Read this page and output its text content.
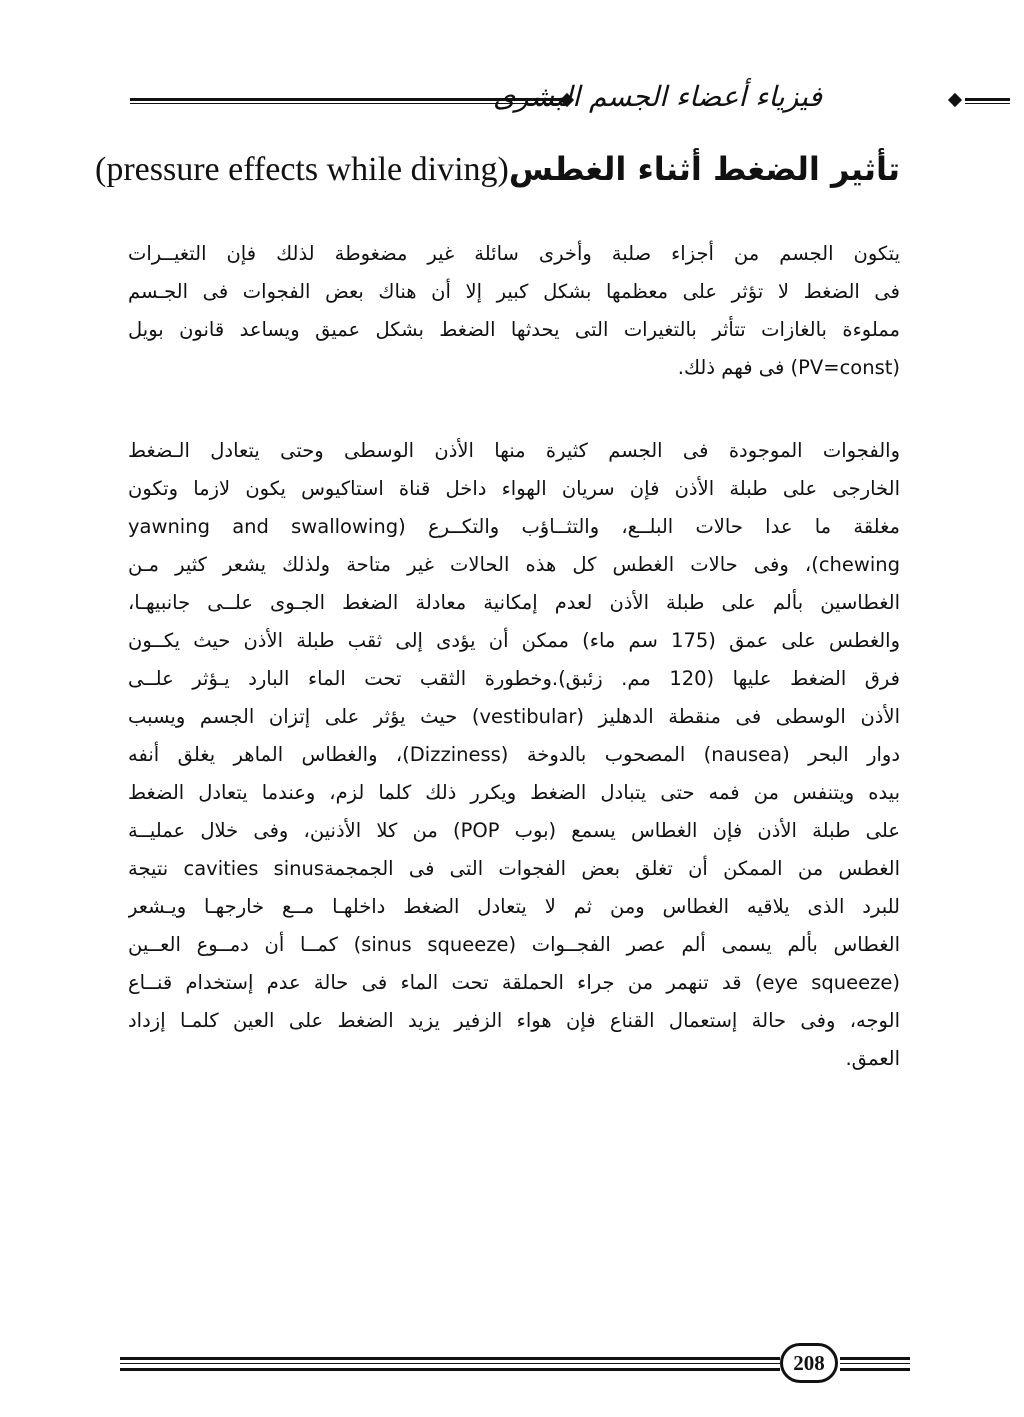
فيزياء أعضاء الجسم البشرى
تأثير الضغط أثناء الغطس(pressure effects while diving)
يتكون الجسم من أجزاء صلبة وأخرى سائلة غير مضغوطة لذلك فإن التغيــرات
فى الضغط لا تؤثر على معظمها بشكل كبير إلا أن هناك بعض الفجوات فى الجـسم
مملوءة بالغازات تتأثر بالتغيرات التى يحدثها الضغط بشكل عميق ويساعد قانون بويل
(PV=const) فى فهم ذلك.
والفجوات الموجودة فى الجسم كثيرة منها الأذن الوسطى وحتى يتعادل الـضغط
الخارجى على طبلة الأذن فإن سريان الهواء داخل قناة استاكيوس يكون لازما وتكون
مغلقة ما عدا حالات البلــع، والتثــاؤب والتكــرع (yawning and swallowing
chewing)، وفى حالات الغطس كل هذه الحالات غير متاحة ولذلك يشعر كثير مـن
الغطاسين بألم على طبلة الأذن لعدم إمكانية معادلة الضغط الجـوى علــى جانبيهـا،
والغطس على عمق (175 سم ماء) ممكن أن يؤدى إلى ثقب طبلة الأذن حيث يكــون
فرق الضغط عليها (120 مم. زئبق).وخطورة الثقب تحت الماء البارد يـؤثر علــى
الأذن الوسطى فى منقطة الدهليز (vestibular) حيث يؤثر على إتزان الجسم ويسبب
دوار البحر (nausea) المصحوب بالدوخة (Dizziness)، والغطاس الماهر يغلق أنفه
بيده ويتنفس من فمه حتى يتبادل الضغط ويكرر ذلك كلما لزم، وعندما يتعادل الضغط
على طبلة الأذن فإن الغطاس يسمع (بوب POP) من كلا الأذنين، وفى خلال عمليــة
الغطس من الممكن أن تغلق بعض الفجوات التى فى الجمجمةcavities sinus نتيجة
للبرد الذى يلاقيه الغطاس ومن ثم لا يتعادل الضغط داخلهـا مــع خارجهـا ويـشعر
الغطاس بألم يسمى ألم عصر الفجــوات (sinus squeeze) كمــا أن دمــوع العــين
(eye squeeze) قد تنهمر من جراء الحملقة تحت الماء فى حالة عدم إستخدام قنــاع
الوجه، وفى حالة إستعمال القناع فإن هواء الزفير يزيد الضغط على العين كلمـا إزداد
العمق.
208
